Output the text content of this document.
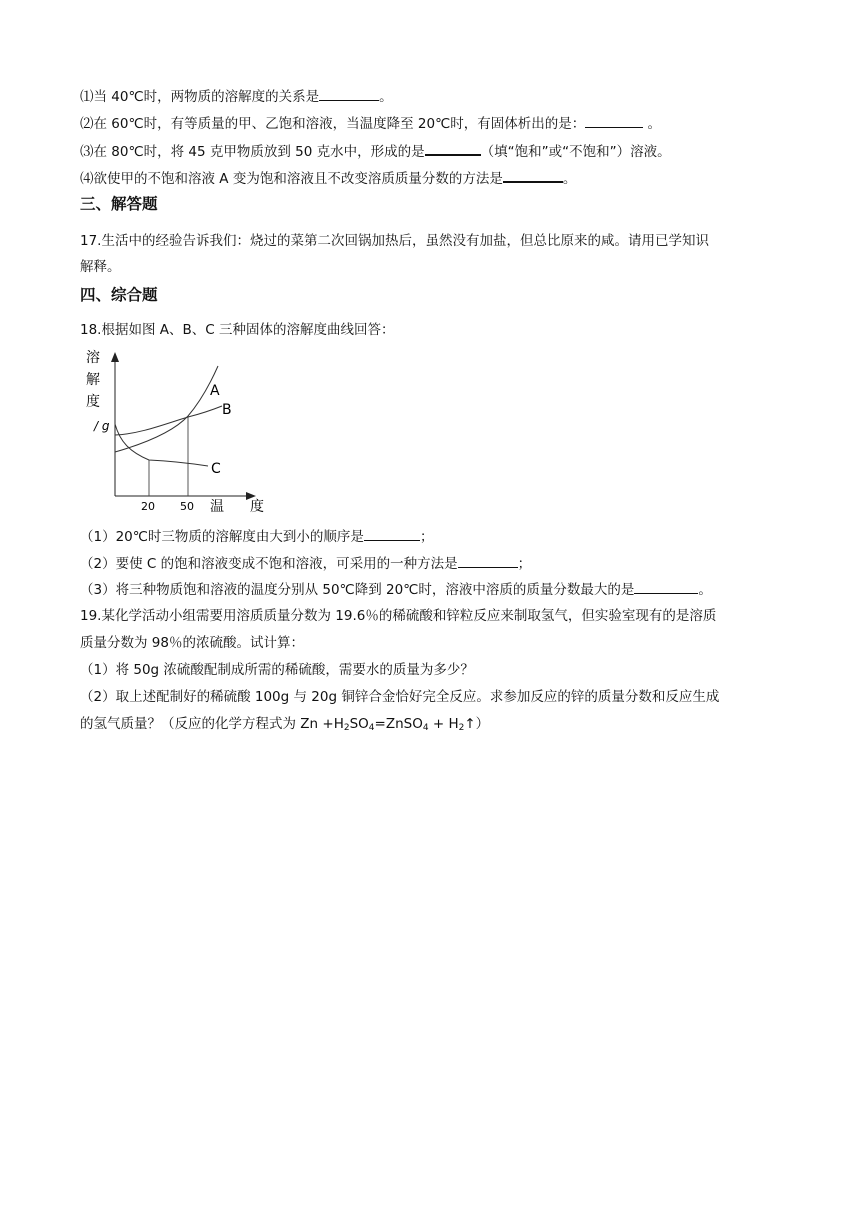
⑴当 40℃时，两物质的溶解度的关系是	。
⑵在 60℃时，有等质量的甲、乙饱和溶液，当温度降至 20℃时，有固体析出的是：	。
⑶在 80℃时，将 45 克甲物质放到 50 克水中，形成的是	（填“饱和”或“不饱和”）溶液。
⑷欲使甲的不饱和溶液 A 变为饱和溶液且不改变溶质质量分数的方法是	。
三、解答题
17.生活中的经验告诉我们：烧过的菜第二次回锅加热后，虽然没有加盐，但总比原来的咸。请用已学知识
解释。
四、综合题
18.根据如图 A、B、C 三种固体的溶解度曲线回答：
溶
解
度
/ g
A
B
C
20 50 温 度
（1）20℃时三物质的溶解度由大到小的顺序是	；
（2）要使 C 的饱和溶液变成不饱和溶液，可采用的一种方法是	；
（3）将三种物质饱和溶液的温度分别从 50℃降到 20℃时，溶液中溶质的质量分数最大的是	。
19.某化学活动小组需要用溶质质量分数为 19.6％的稀硫酸和锌粒反应来制取氢气，但实验室现有的是溶质
质量分数为 98％的浓硫酸。试计算：
（1）将 50g 浓硫酸配制成所需的稀硫酸，需要水的质量为多少？
（2）取上述配制好的稀硫酸 100g 与 20g 铜锌合金恰好完全反应。求参加反应的锌的质量分数和反应生成
的氢气质量？（反应的化学方程式为 $Zn +H_2SO_4=ZnSO_4$ + $H_2↑$）
